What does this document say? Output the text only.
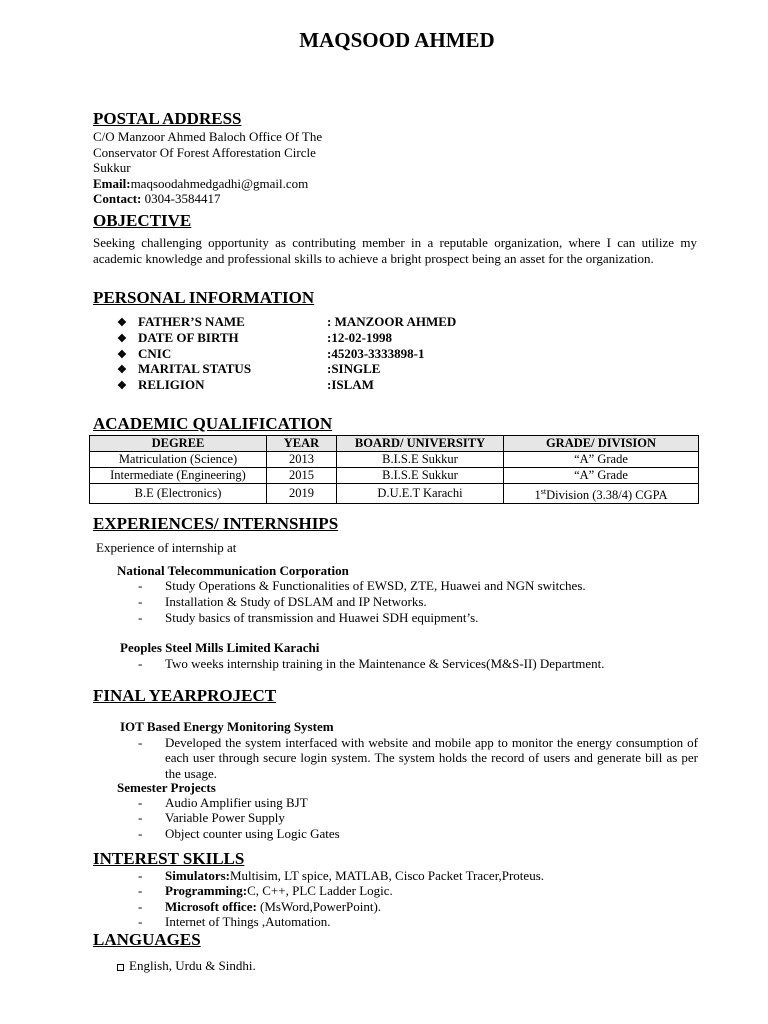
MAQSOOD AHMED
POSTAL ADDRESS
C/O Manzoor Ahmed Baloch Office Of The
Conservator Of Forest Afforestation Circle
Sukkur
Email:maqsoodahmedgadhi@gmail.com
Contact: 0304-3584417
OBJECTIVE
Seeking challenging opportunity as contributing member in a reputable organization, where I can utilize my academic knowledge and professional skills to achieve a bright prospect being an asset for the organization.
PERSONAL INFORMATION
❖ FATHER’S NAME	: MANZOOR AHMED
❖ DATE OF BIRTH	:12-02-1998
❖ CNIC	:45203-3333898-1
❖ MARITAL STATUS	:SINGLE
❖ RELIGION	:ISLAM
ACADEMIC QUALIFICATION
DEGREE	YEAR	BOARD/ UNIVERSITY	GRADE/ DIVISION
Matriculation (Science)	2013	B.I.S.E Sukkur	“A” Grade
Intermediate (Engineering)	2015	B.I.S.E Sukkur	“A” Grade
B.E (Electronics)	2019	D.U.E.T Karachi	1stDivision (3.38/4) CGPA
EXPERIENCES/ INTERNSHIPS
Experience of internship at
National Telecommunication Corporation
- Study Operations & Functionalities of EWSD, ZTE, Huawei and NGN switches.
- Installation & Study of DSLAM and IP Networks.
- Study basics of transmission and Huawei SDH equipment’s.
Peoples Steel Mills Limited Karachi
- Two weeks internship training in the Maintenance & Services(M&S-II) Department.
FINAL YEARPROJECT
IOT Based Energy Monitoring System
- Developed the system interfaced with website and mobile app to monitor the energy consumption of each user through secure login system. The system holds the record of users and generate bill as per the usage.
Semester Projects
- Audio Amplifier using BJT
- Variable Power Supply
- Object counter using Logic Gates
INTEREST SKILLS
- Simulators:Multisim, LT spice, MATLAB, Cisco Packet Tracer,Proteus.
- Programming:C, C++, PLC Ladder Logic.
- Microsoft office: (MsWord,PowerPoint).
- Internet of Things ,Automation.
LANGUAGES
English, Urdu & Sindhi.
